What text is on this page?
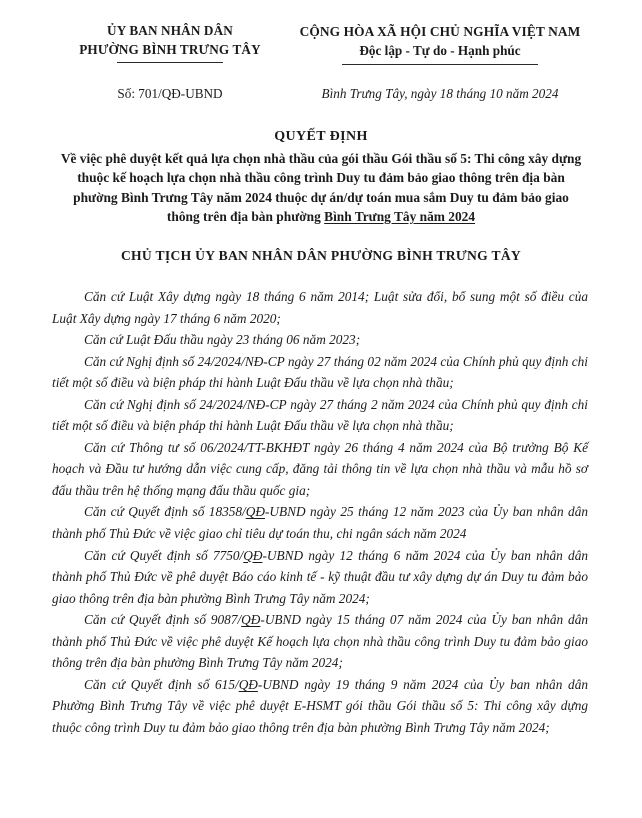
ỦY BAN NHÂN DÂN
PHƯỜNG BÌNH TRƯNG TÂY
CỘNG HÒA XÃ HỘI CHỦ NGHĨA VIỆT NAM
Độc lập - Tự do - Hạnh phúc
Số: 701/QĐ-UBND	Bình Trưng Tây, ngày 18 tháng 10 năm 2024
QUYẾT ĐỊNH
Về việc phê duyệt kết quả lựa chọn nhà thầu của gói thầu Gói thầu số 5: Thi công xây dựng thuộc kế hoạch lựa chọn nhà thầu công trình Duy tu đảm bảo giao thông trên địa bàn phường Bình Trưng Tây năm 2024 thuộc dự án/dự toán mua sắm Duy tu đảm bảo giao thông trên địa bàn phường Bình Trưng Tây năm 2024
CHỦ TỊCH ỦY BAN NHÂN DÂN PHƯỜNG BÌNH TRƯNG TÂY

Căn cứ Luật Xây dựng ngày 18 tháng 6 năm 2014; Luật sửa đổi, bổ sung một số điều của Luật Xây dựng ngày 17 tháng 6 năm 2020;

Căn cứ Luật Đấu thầu ngày 23 tháng 06 năm 2023;

Căn cứ Nghị định số 24/2024/NĐ-CP ngày 27 tháng 02 năm 2024 của Chính phủ quy định chi tiết một số điều và biện pháp thi hành Luật Đấu thầu về lựa chọn nhà thầu;

Căn cứ Nghị định số 24/2024/NĐ-CP ngày 27 tháng 2 năm 2024 của Chính phủ quy định chi tiết một số điều và biện pháp thi hành Luật Đấu thầu về lựa chọn nhà thầu;

Căn cứ Thông tư số 06/2024/TT-BKHĐT ngày 26 tháng 4 năm 2024 của Bộ trưởng Bộ Kế hoạch và Đầu tư hướng dẫn việc cung cấp, đăng tải thông tin về lựa chọn nhà thầu và mẫu hồ sơ đấu thầu trên hệ thống mạng đấu thầu quốc gia;

Căn cứ Quyết định số 18358/QĐ-UBND ngày 25 tháng 12 năm 2023 của Ủy ban nhân dân thành phố Thủ Đức về việc giao chỉ tiêu dự toán thu, chi ngân sách năm 2024

Căn cứ Quyết định số 7750/QĐ-UBND ngày 12 tháng 6 năm 2024 của Ủy ban nhân dân thành phố Thủ Đức về phê duyệt Báo cáo kinh tế - kỹ thuật đầu tư xây dựng dự án Duy tu đảm bảo giao thông trên địa bàn phường Bình Trưng Tây năm 2024;

Căn cứ Quyết định số 9087/QĐ-UBND ngày 15 tháng 07 năm 2024 của Ủy ban nhân dân thành phố Thủ Đức về việc phê duyệt Kế hoạch lựa chọn nhà thầu công trình Duy tu đảm bảo giao thông trên địa bàn phường Bình Trưng Tây năm 2024;

Căn cứ Quyết định số 615/QĐ-UBND ngày 19 tháng 9 năm 2024 của Ủy ban nhân dân Phường Bình Trưng Tây về việc phê duyệt E-HSMT gói thầu Gói thầu số 5: Thi công xây dựng thuộc công trình Duy tu đảm bảo giao thông trên địa bàn phường Bình Trưng Tây năm 2024;
